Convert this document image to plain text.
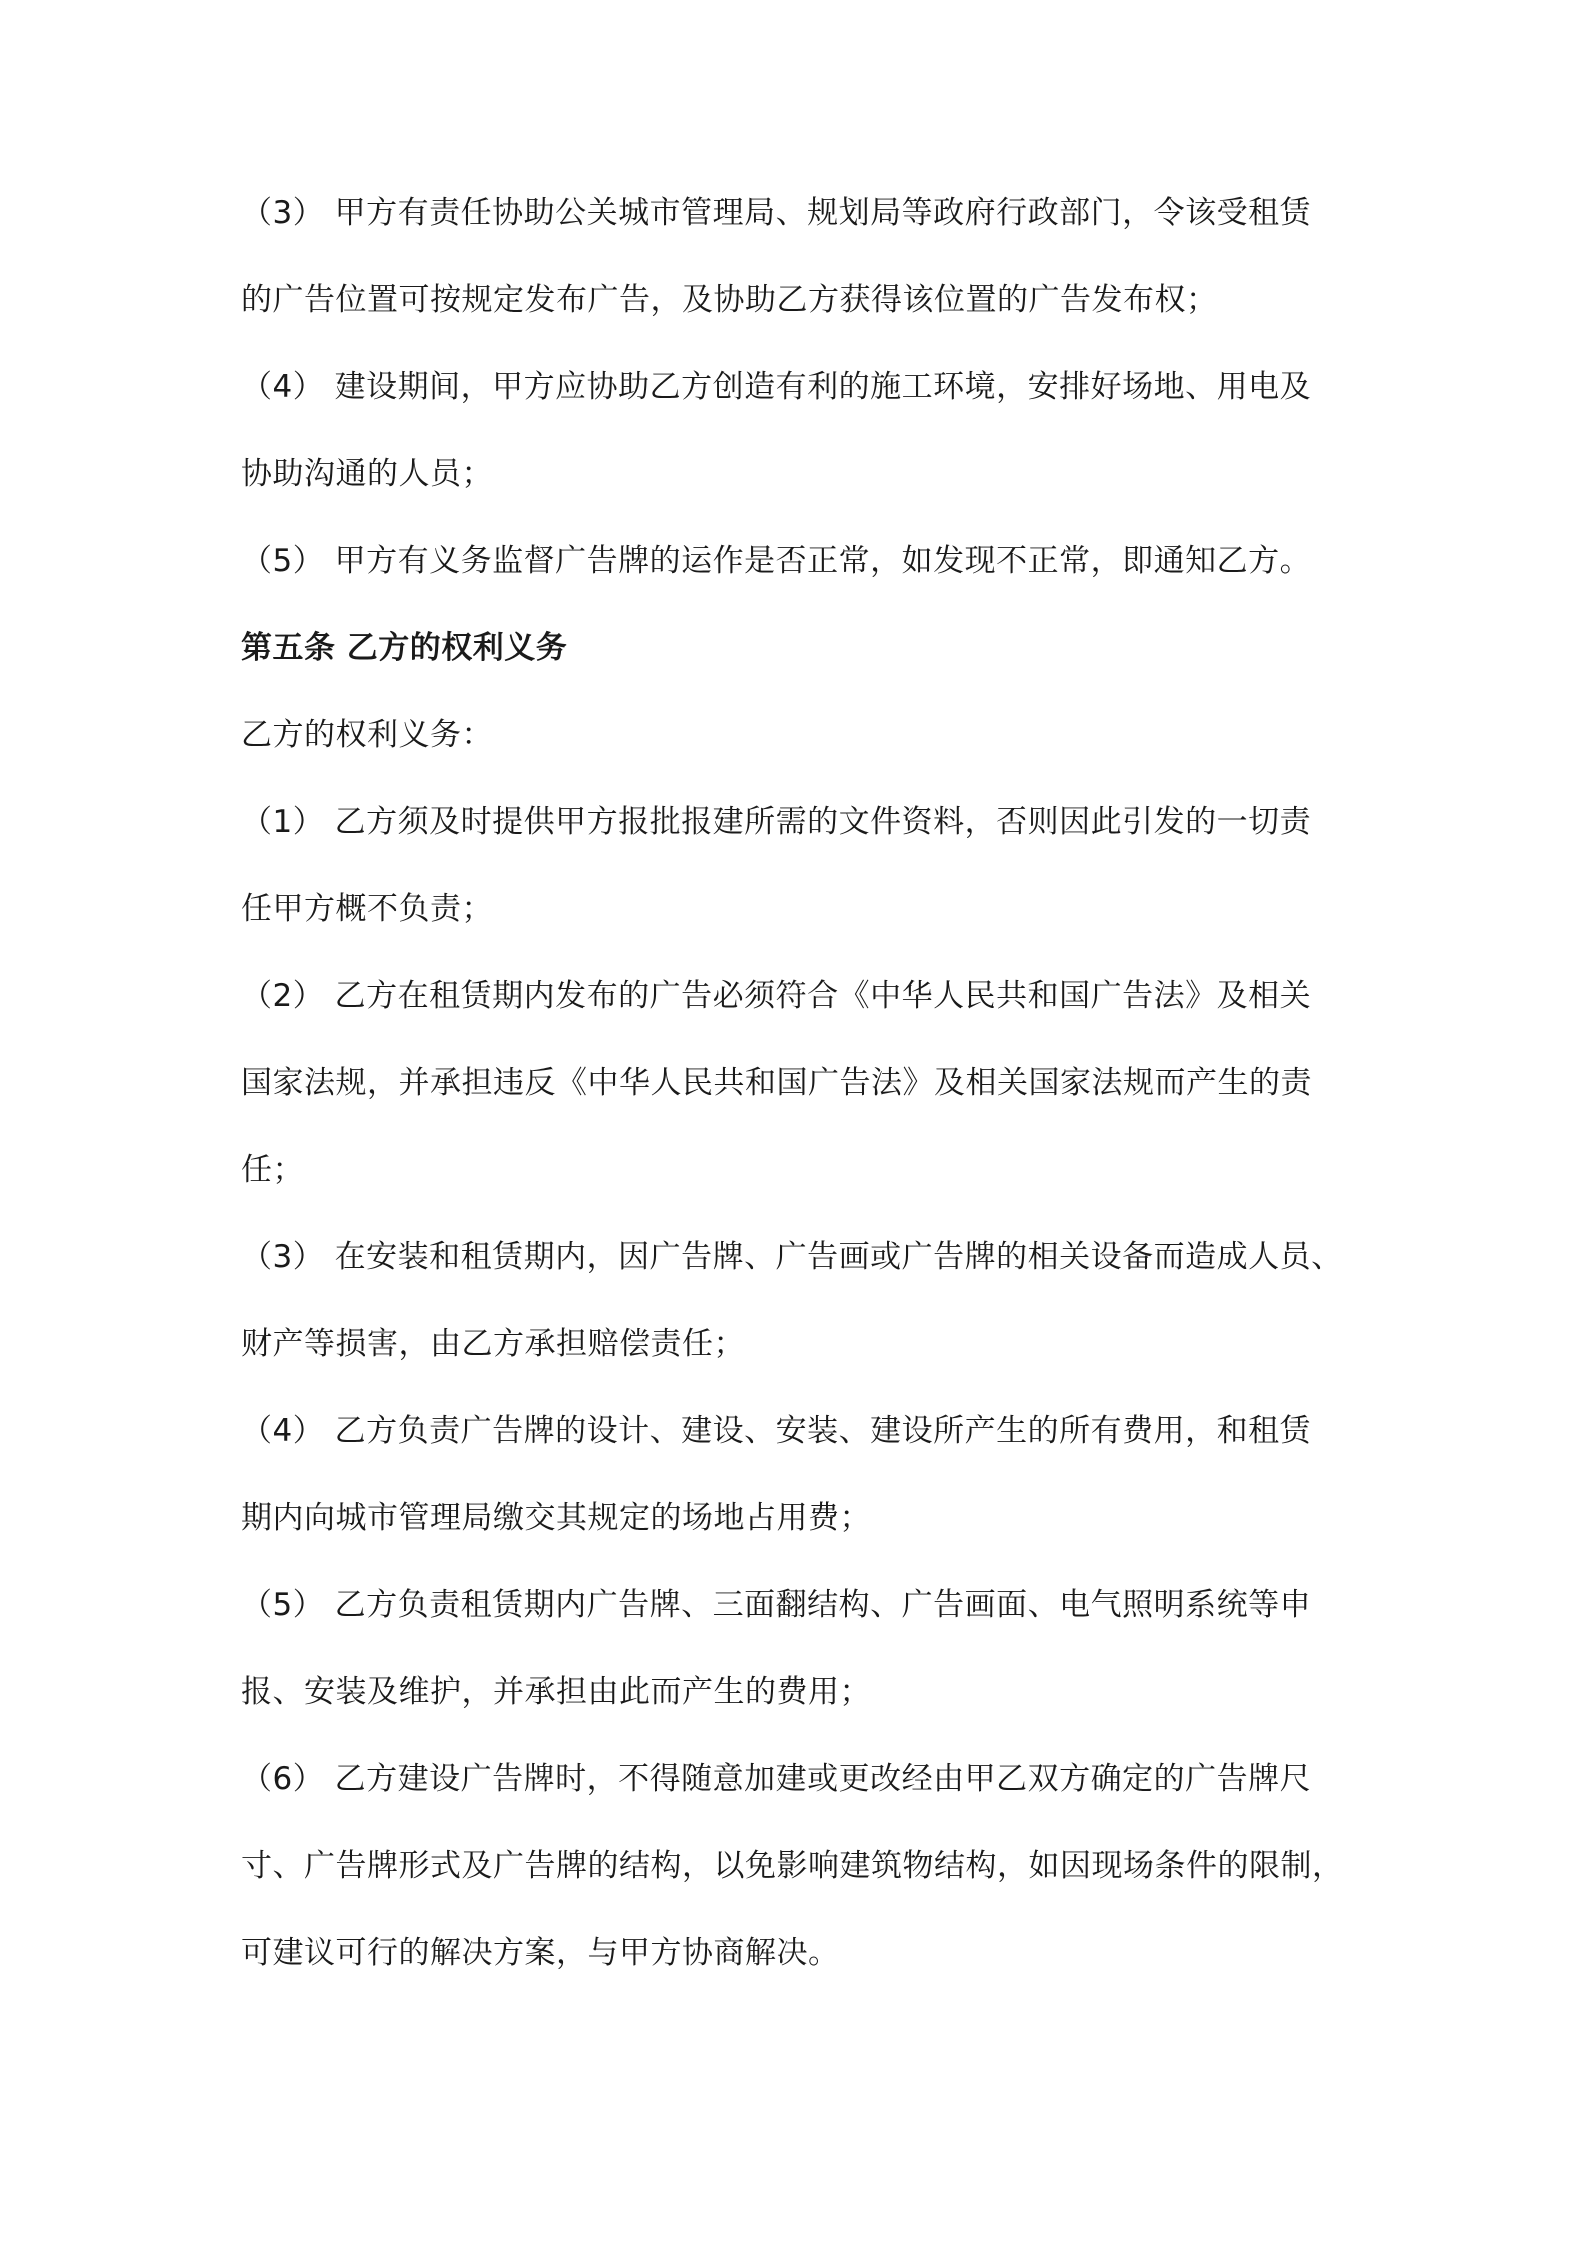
（3） 甲方有责任协助公关城市管理局、规划局等政府行政部门，令该受租赁
的广告位置可按规定发布广告，及协助乙方获得该位置的广告发布权；
（4） 建设期间，甲方应协助乙方创造有利的施工环境，安排好场地、用电及
协助沟通的人员；
（5） 甲方有义务监督广告牌的运作是否正常，如发现不正常，即通知乙方。
第五条 乙方的权利义务
乙方的权利义务：
（1） 乙方须及时提供甲方报批报建所需的文件资料，否则因此引发的一切责
任甲方概不负责；
（2） 乙方在租赁期内发布的广告必须符合《中华人民共和国广告法》及相关
国家法规，并承担违反《中华人民共和国广告法》及相关国家法规而产生的责
任；
（3） 在安装和租赁期内，因广告牌、广告画或广告牌的相关设备而造成人员、
财产等损害，由乙方承担赔偿责任；
（4） 乙方负责广告牌的设计、建设、安装、建设所产生的所有费用，和租赁
期内向城市管理局缴交其规定的场地占用费；
（5） 乙方负责租赁期内广告牌、三面翻结构、广告画面、电气照明系统等申
报、安装及维护，并承担由此而产生的费用；
（6） 乙方建设广告牌时，不得随意加建或更改经由甲乙双方确定的广告牌尺
寸、广告牌形式及广告牌的结构，以免影响建筑物结构，如因现场条件的限制，
可建议可行的解决方案，与甲方协商解决。
